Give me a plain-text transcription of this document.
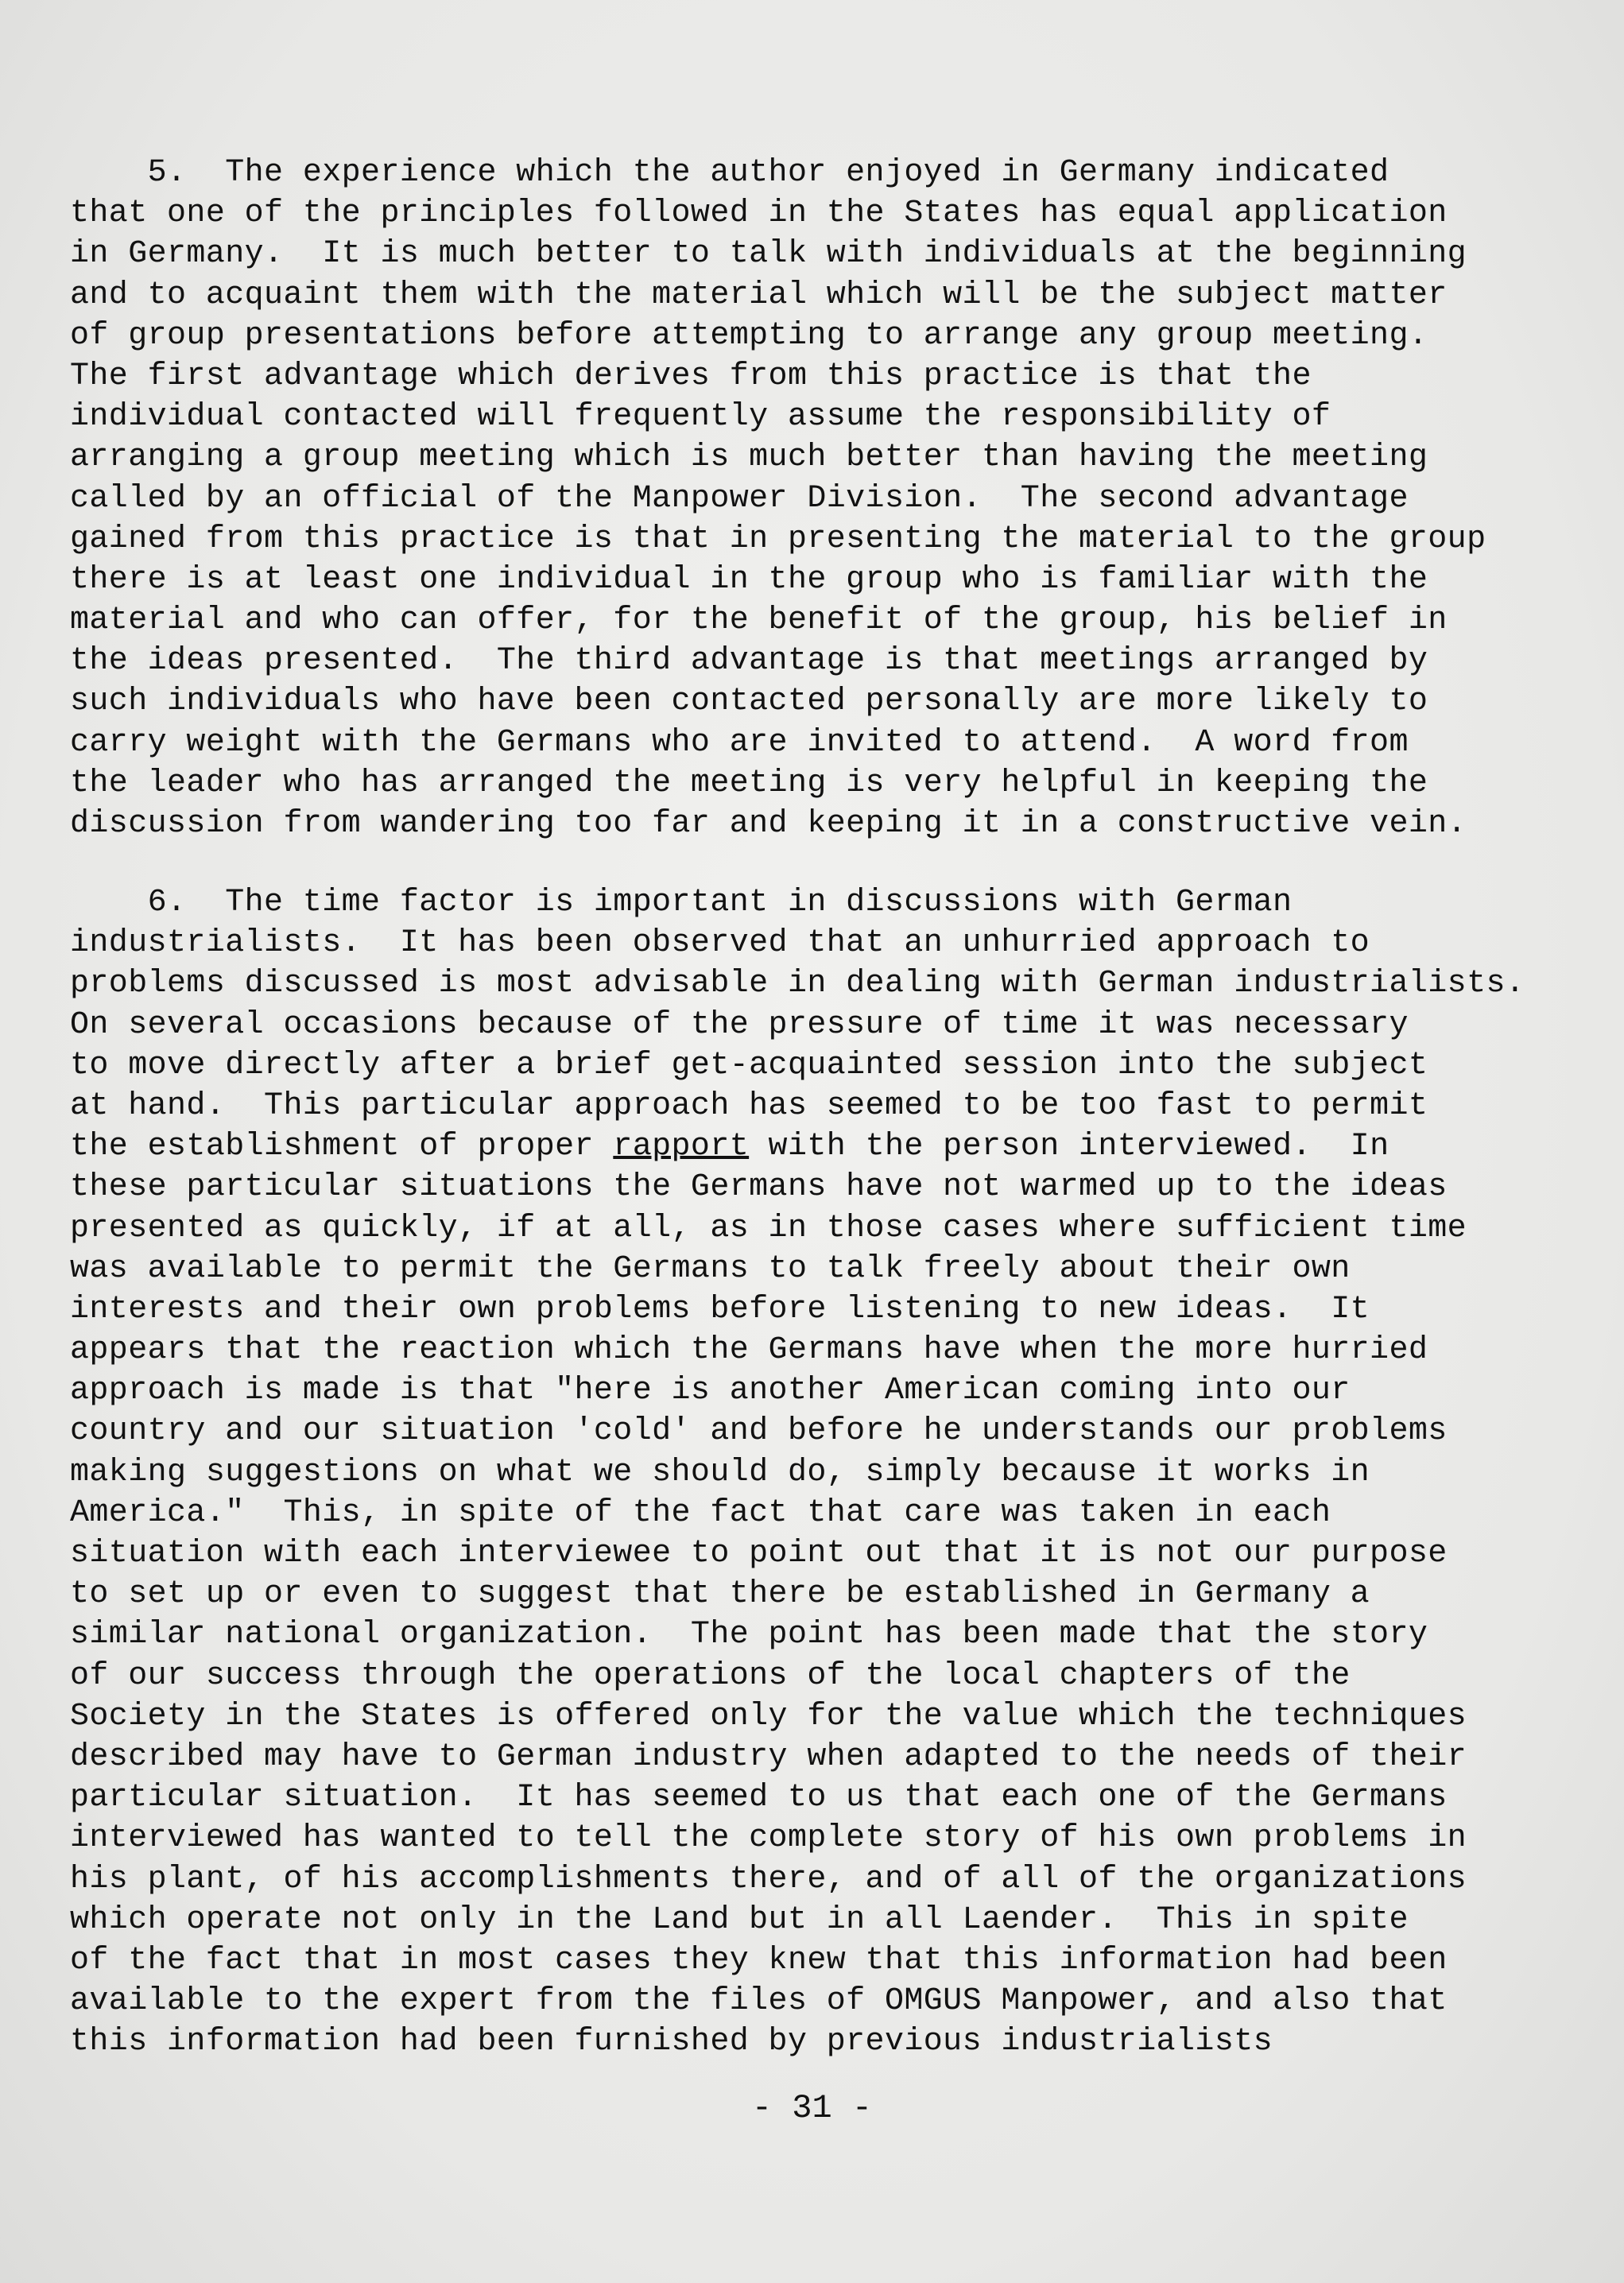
5.  The experience which the author enjoyed in Germany indicated
that one of the principles followed in the States has equal application
in Germany.  It is much better to talk with individuals at the beginning
and to acquaint them with the material which will be the subject matter
of group presentations before attempting to arrange any group meeting.
The first advantage which derives from this practice is that the
individual contacted will frequently assume the responsibility of
arranging a group meeting which is much better than having the meeting
called by an official of the Manpower Division.  The second advantage
gained from this practice is that in presenting the material to the group
there is at least one individual in the group who is familiar with the
material and who can offer, for the benefit of the group, his belief in
the ideas presented.  The third advantage is that meetings arranged by
such individuals who have been contacted personally are more likely to
carry weight with the Germans who are invited to attend.  A word from
the leader who has arranged the meeting is very helpful in keeping the
discussion from wandering too far and keeping it in a constructive vein.
6.  The time factor is important in discussions with German
industrialists.  It has been observed that an unhurried approach to
problems discussed is most advisable in dealing with German industrialists.
On several occasions because of the pressure of time it was necessary
to move directly after a brief get-acquainted session into the subject
at hand.  This particular approach has seemed to be too fast to permit
the establishment of proper rapport with the person interviewed.  In
these particular situations the Germans have not warmed up to the ideas
presented as quickly, if at all, as in those cases where sufficient time
was available to permit the Germans to talk freely about their own
interests and their own problems before listening to new ideas.  It
appears that the reaction which the Germans have when the more hurried
approach is made is that "here is another American coming into our
country and our situation 'cold' and before he understands our problems
making suggestions on what we should do, simply because it works in
America."  This, in spite of the fact that care was taken in each
situation with each interviewee to point out that it is not our purpose
to set up or even to suggest that there be established in Germany a
similar national organization.  The point has been made that the story
of our success through the operations of the local chapters of the
Society in the States is offered only for the value which the techniques
described may have to German industry when adapted to the needs of their
particular situation.  It has seemed to us that each one of the Germans
interviewed has wanted to tell the complete story of his own problems in
his plant, of his accomplishments there, and of all of the organizations
which operate not only in the Land but in all Laender.  This in spite
of the fact that in most cases they knew that this information had been
available to the expert from the files of OMGUS Manpower, and also that
this information had been furnished by previous industrialists
- 31 -
